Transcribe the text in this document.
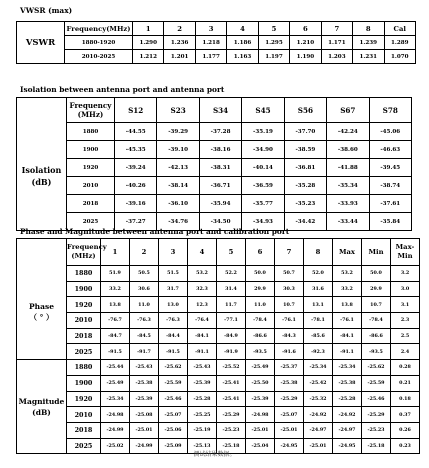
VWSR (max)
VSWR	Frequency(MHz)	1	2	3	4	5	6	7	8	Cal
	1880-1920	1.290	1.236	1.218	1.186	1.295	1.210	1.171	1.239	1.289
	2010-2025	1.212	1.201	1.177	1.163	1.197	1.190	1.203	1.231	1.070
Isolation between antenna port and antenna port
	Frequency (MHz)	S12	S23	S34	S45	S56	S67	S78

Isolation (dB)	1880	-44.55	-39.29	-37.28	-35.19	-37.70	-42.24	-45.06
	1900	-45.35	-39.10	-38.16	-34.90	-38.59	-38.60	-46.63
	1920	-39.24	-42.13	-38.31	-40.14	-36.81	-41.88	-39.45
	2010	-40.26	-38.14	-36.71	-36.59	-35.28	-35.34	-38.74
	2018	-39.16	-36.10	-35.94	-35.77	-35.23	-33.93	-37.61
	2025	-37.27	-34.76	-34.50	-34.93	-34.42	-33.44	-35.84
Phase and Magnitude between antenna port and calibration port
	Frequency (MHz)	1	2	3	4	5	6	7	8	Max	Min	Max-Min

Phase
（ ° ）	1880	51.9	50.5	51.5	53.2	52.2	50.0	50.7	52.0	53.2	50.0	3.2
	1900	33.2	30.6	31.7	32.3	31.4	29.9	30.3	31.6	33.2	29.9	3.0
	1920	13.8	11.0	13.0	12.3	11.7	11.0	10.7	13.1	13.8	10.7	3.1
	2010	-76.7	-76.3	-76.3	-76.4	-77.1	-78.4	-76.1	-78.1	-76.1	-78.4	2.3
	2018	-84.7	-84.5	-84.4	-84.1	-84.9	-86.6	-84.3	-85.6	-84.1	-86.6	2.5
	2025	-91.5	-91.7	-91.5	-91.1	-91.9	-93.5	-91.6	-92.3	-91.1	-93.5	2.4

Magnitude (dB)	1880	-25.44	-25.43	-25.62	-25.43	-25.52	-25.49	-25.37	-25.34	-25.34	-25.62	0.28
	1900	-25.49	-25.38	-25.59	-25.39	-25.41	-25.50	-25.38	-25.42	-25.38	-25.59	0.21
	1920	-25.34	-25.39	-25.46	-25.28	-25.41	-25.39	-25.29	-25.32	-25.28	-25.46	0.18
	2010	-24.98	-25.08	-25.07	-25.25	-25.29	-24.98	-25.07	-24.92	-24.92	-25.29	0.37
	2018	-24.99	-25.01	-25.06	-25.19	-25.23	-25.01	-25.01	-24.97	-24.97	-25.23	0.26
	2025	-25.02	-24.99	-25.09	-25.13	-25.18	-25.04	-24.95	-25.01	-24.95	-25.18	0.23
测试结果数据。
